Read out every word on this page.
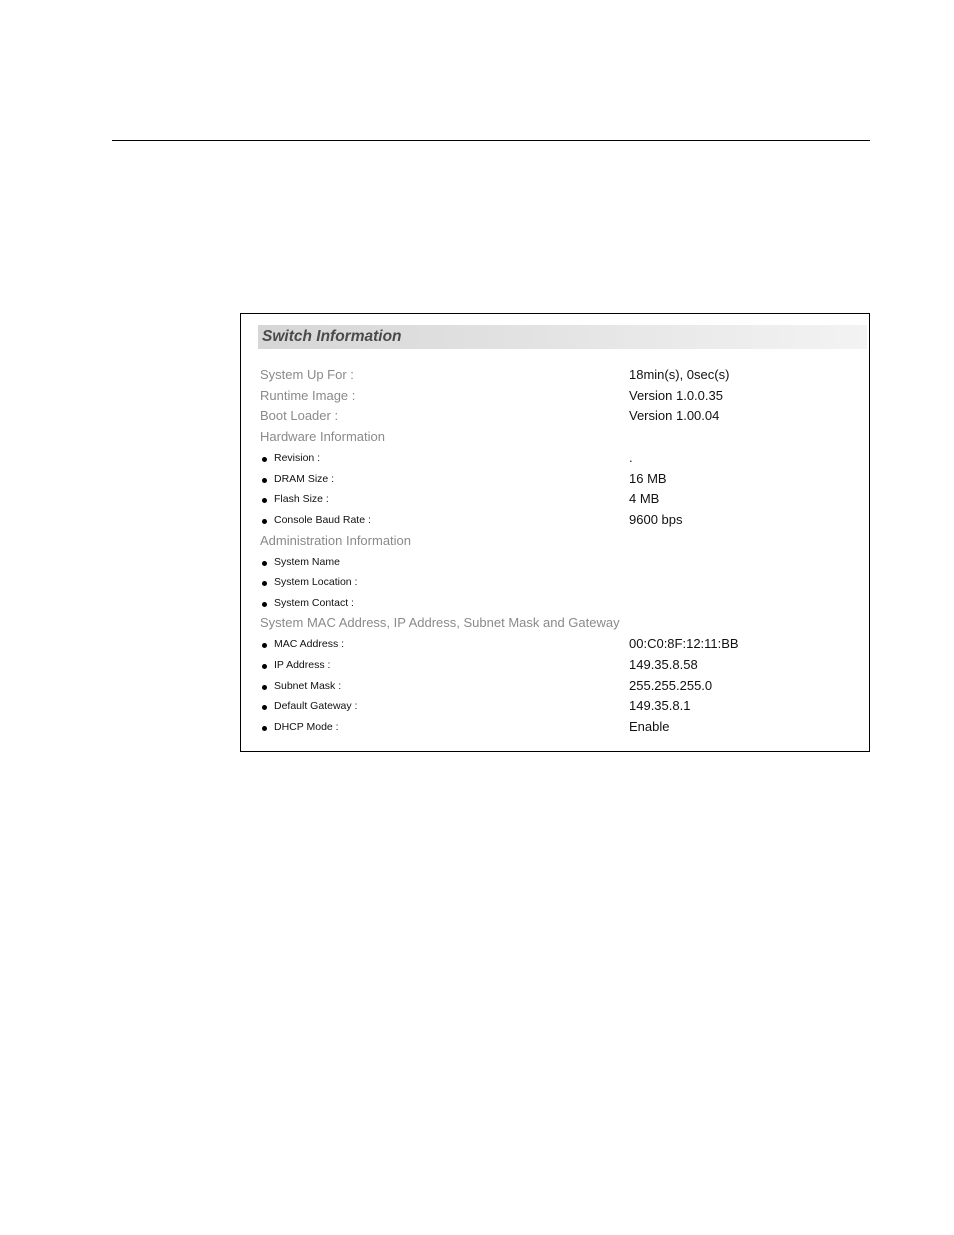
Switch Information
System Up For :	18min(s), 0sec(s)
Runtime Image :	Version 1.0.0.35
Boot Loader :	Version 1.00.04
Hardware Information
Revision :	.
DRAM Size :	16 MB
Flash Size :	4 MB
Console Baud Rate :	9600 bps
Administration Information
System Name
System Location :
System Contact :
System MAC Address, IP Address, Subnet Mask and Gateway
MAC Address :	00:C0:8F:12:11:BB
IP Address :	149.35.8.58
Subnet Mask :	255.255.255.0
Default Gateway :	149.35.8.1
DHCP Mode :	Enable
